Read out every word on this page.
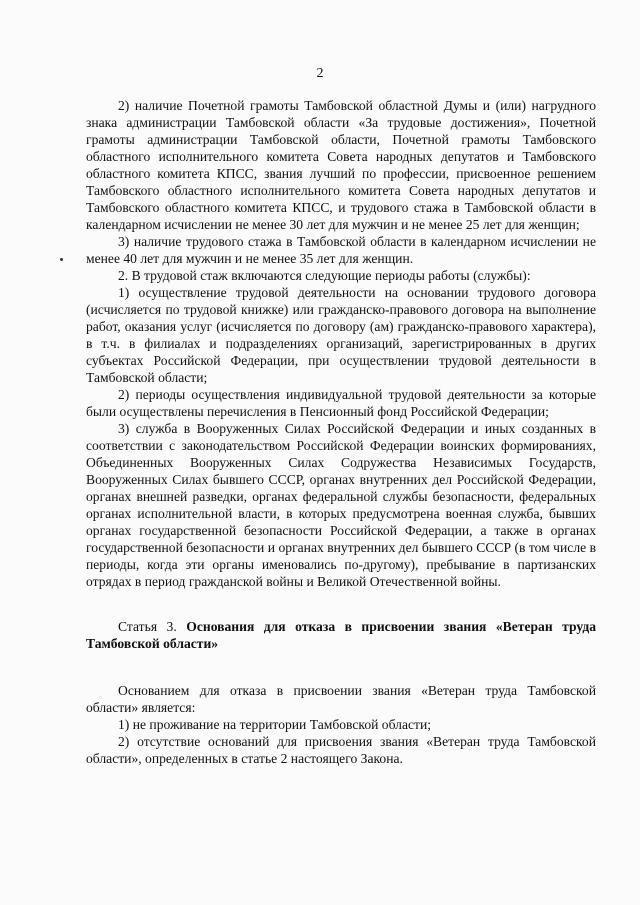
2

2) наличие Почетной грамоты Тамбовской областной Думы и (или) нагрудного знака администрации Тамбовской области «За трудовые достижения», Почетной грамоты администрации Тамбовской области, Почетной грамоты Тамбовского областного исполнительного комитета Совета народных депутатов и Тамбовского областного комитета КПСС, звания лучший по профессии, присвоенное решением Тамбовского областного исполнительного комитета Совета народных депутатов и Тамбовского областного комитета КПСС, и трудового стажа в Тамбовской области в календарном исчислении не менее 30 лет для мужчин и не менее 25 лет для женщин;

3) наличие трудового стажа в Тамбовской области в календарном исчислении не менее 40 лет для мужчин и не менее 35 лет для женщин.

2. В трудовой стаж включаются следующие периоды работы (службы):

1) осуществление трудовой деятельности на основании трудового договора (исчисляется по трудовой книжке) или гражданско-правового договора на выполнение работ, оказания услуг (исчисляется по договору (ам) гражданско-правового характера), в т.ч. в филиалах и подразделениях организаций, зарегистрированных в других субъектах Российской Федерации, при осуществлении трудовой деятельности в Тамбовской области;

2) периоды осуществления индивидуальной трудовой деятельности за которые были осуществлены перечисления в Пенсионный фонд Российской Федерации;

3) служба в Вооруженных Силах Российской Федерации и иных созданных в соответствии с законодательством Российской Федерации воинских формированиях, Объединенных Вооруженных Силах Содружества Независимых Государств, Вооруженных Силах бывшего СССР, органах внутренних дел Российской Федерации, органах внешней разведки, органах федеральной службы безопасности, федеральных органах исполнительной власти, в которых предусмотрена военная служба, бывших органах государственной безопасности Российской Федерации, а также в органах государственной безопасности и органах внутренних дел бывшего СССР (в том числе в периоды, когда эти органы именовались по-другому), пребывание в партизанских отрядах в период гражданской войны и Великой Отечественной войны.

Статья 3. Основания для отказа в присвоении звания «Ветеран труда Тамбовской области»

Основанием для отказа в присвоении звания «Ветеран труда Тамбовской области» является:

1) не проживание на территории Тамбовской области;

2) отсутствие оснований для присвоения звания «Ветеран труда Тамбовской области», определенных в статье 2 настоящего Закона.
